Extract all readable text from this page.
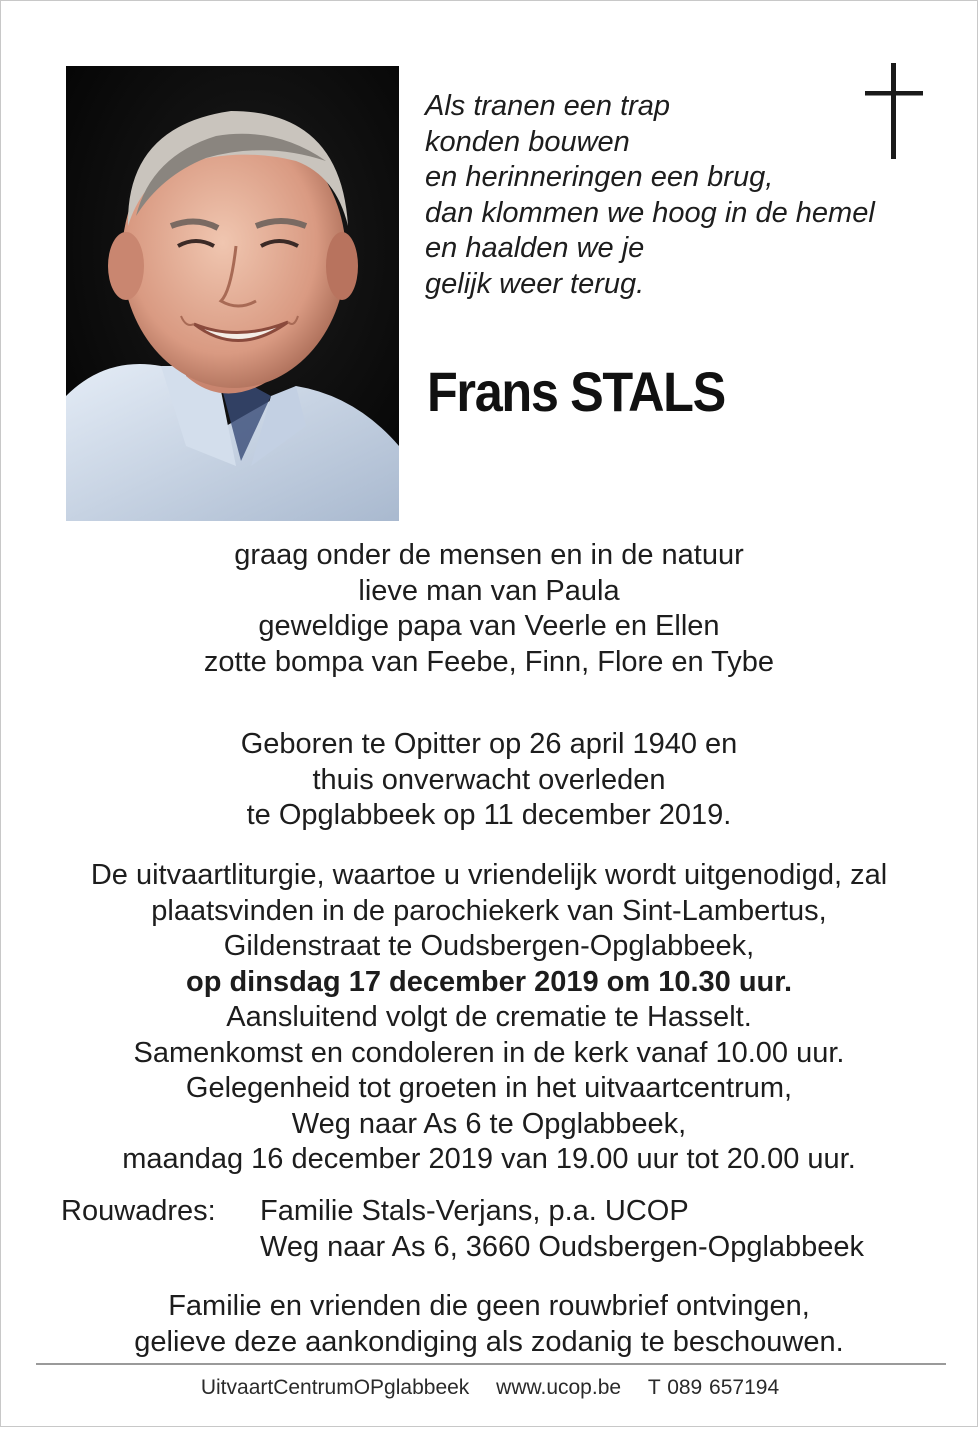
Als tranen een trap
konden bouwen
en herinneringen een brug,
dan klommen we hoog in de hemel
en haalden we je
gelijk weer terug.
Frans STALS
graag onder de mensen en in de natuur
lieve man van Paula
geweldige papa van Veerle en Ellen
zotte bompa van Feebe, Finn, Flore en Tybe
Geboren te Opitter op 26 april 1940 en
thuis onverwacht overleden
te Opglabbeek op 11 december 2019.
De uitvaartliturgie, waartoe u vriendelijk wordt uitgenodigd, zal
plaatsvinden in de parochiekerk van Sint-Lambertus,
Gildenstraat te Oudsbergen-Opglabbeek,
op dinsdag 17 december 2019 om 10.30 uur.
Aansluitend volgt de crematie te Hasselt.
Samenkomst en condoleren in de kerk vanaf 10.00 uur.
Gelegenheid tot groeten in het uitvaartcentrum,
Weg naar As 6 te Opglabbeek,
maandag 16 december 2019 van 19.00 uur tot 20.00 uur.
Rouwadres: Familie Stals-Verjans, p.a. UCOP
Weg naar As 6, 3660 Oudsbergen-Opglabbeek
Familie en vrienden die geen rouwbrief ontvingen,
gelieve deze aankondiging als zodanig te beschouwen.
UitvaartCentrumOPglabbeek www.ucop.be T 089 657194
